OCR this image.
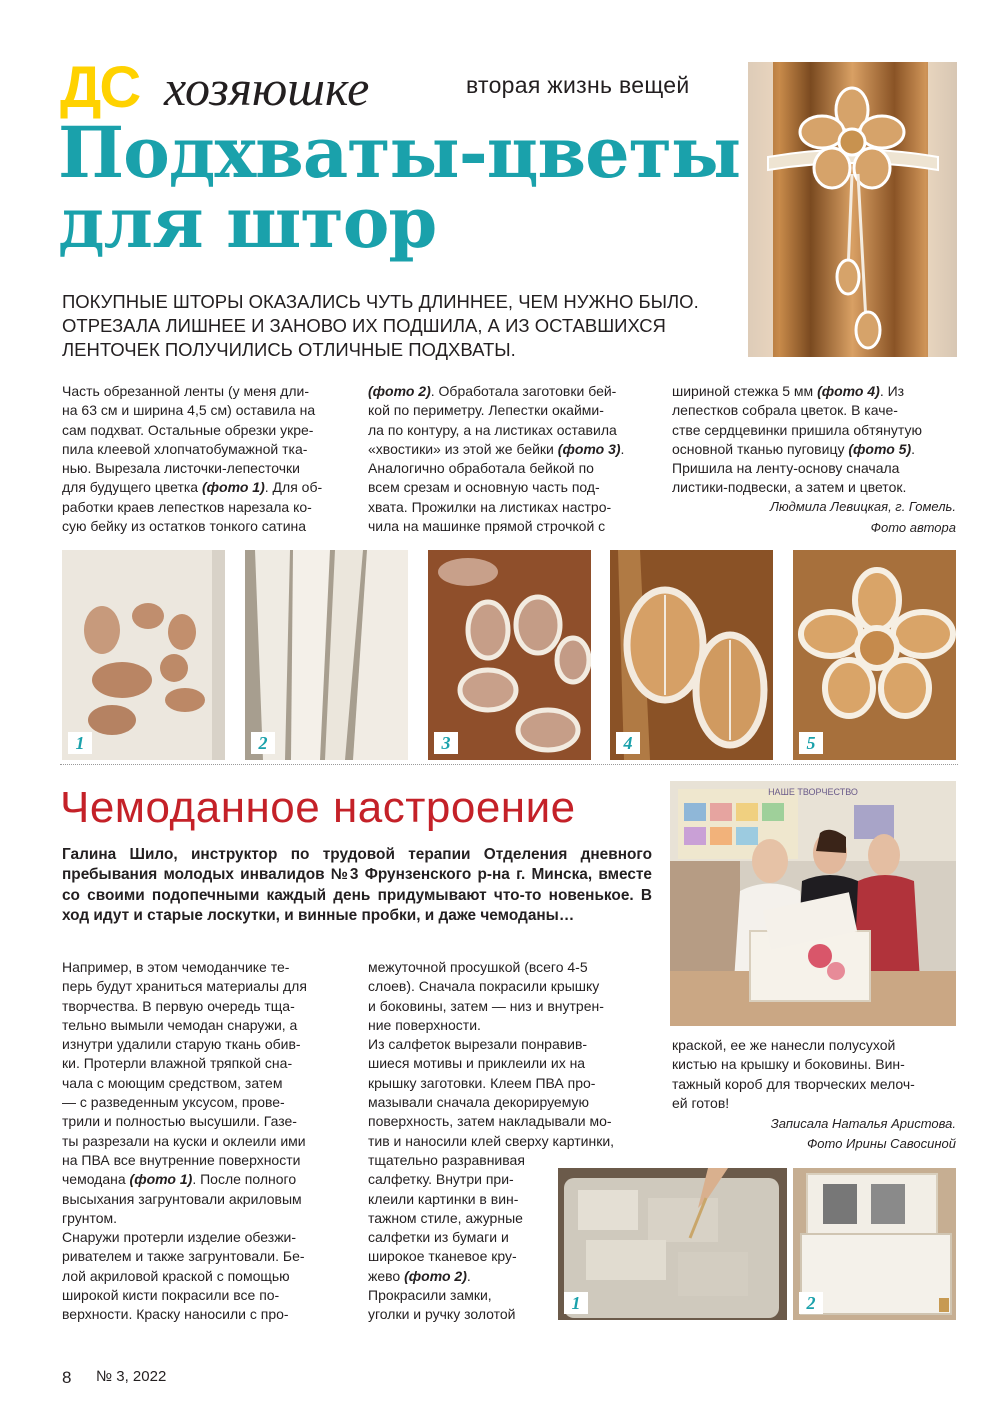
ДС хозяюшке	вторая жизнь вещей
Подхваты-цветы
для штор
ПОКУПНЫЕ ШТОРЫ ОКАЗАЛИСЬ ЧУТЬ ДЛИННЕЕ, ЧЕМ НУЖНО БЫЛО. ОТРЕЗАЛА ЛИШНЕЕ И ЗАНОВО ИХ ПОДШИЛА, А ИЗ ОСТАВШИХСЯ ЛЕНТОЧЕК ПОЛУЧИЛИСЬ ОТЛИЧНЫЕ ПОДХВАТЫ.
Часть обрезанной ленты (у меня дли-
на 63 см и ширина 4,5 см) оставила на
сам подхват. Остальные обрезки укре-
пила клеевой хлопчатобумажной тка-
нью. Вырезала листочки-лепесточки
для будущего цветка (фото 1). Для об-
работки краев лепестков нарезала ко-
сую бейку из остатков тонкого сатина
(фото 2). Обработала заготовки бей-
кой по периметру. Лепестки окайми-
ла по контуру, а на листиках оставила
«хвостики» из этой же бейки (фото 3).
Аналогично обработала бейкой по
всем срезам и основную часть под-
хвата. Прожилки на листиках настро-
чила на машинке прямой строчкой с
шириной стежка 5 мм (фото 4). Из
лепестков собрала цветок. В каче-
стве сердцевинки пришила обтянутую
основной тканью пуговицу (фото 5).
Пришила на ленту-основу сначала
листики-подвески, а затем и цветок.
Людмила Левицкая, г. Гомель.
Фото автора
1	2	3	4	5
Чемоданное настроение
Галина Шило, инструктор по трудовой терапии Отделения дневного пребывания молодых инвалидов №3 Фрунзенского р-на г. Минска, вместе со своими подопечными каждый день придумывают что-то новенькое. В ход идут и старые лоскутки, и винные пробки, и даже чемоданы…
НАШЕ ТВОРЧЕСТВО
Например, в этом чемоданчике те-
перь будут храниться материалы для
творчества. В первую очередь тща-
тельно вымыли чемодан снаружи, а
изнутри удалили старую ткань обив-
ки. Протерли влажной тряпкой сна-
чала с моющим средством, затем
— с разведенным уксусом, прове-
трили и полностью высушили. Газе-
ты разрезали на куски и оклеили ими
на ПВА все внутренние поверхности
чемодана (фото 1). После полного
высыхания загрунтовали акриловым
грунтом.
Снаружи протерли изделие обезжи-
ривателем и также загрунтовали. Бе-
лой акриловой краской с помощью
широкой кисти покрасили все по-
верхности. Краску наносили с про-
межуточной просушкой (всего 4-5
слоев). Сначала покрасили крышку
и боковины, затем — низ и внутрен-
ние поверхности.
Из салфеток вырезали понравив-
шиеся мотивы и приклеили их на
крышку заготовки. Клеем ПВА про-
мазывали сначала декорируемую
поверхность, затем накладывали мо-
тив и наносили клей сверху картинки,
тщательно разравнивая
салфетку. Внутри при-
клеили картинки в вин-
тажном стиле, ажурные
салфетки из бумаги и
широкое тканевое кру-
жево (фото 2).
Прокрасили замки,
уголки и ручку золотой
краской, ее же нанесли полусухой
кистью на крышку и боковины. Вин-
тажный короб для творческих мелоч-
ей готов!
Записала Наталья Аристова.
Фото Ирины Савосиной
1	2
8 № 3, 2022
